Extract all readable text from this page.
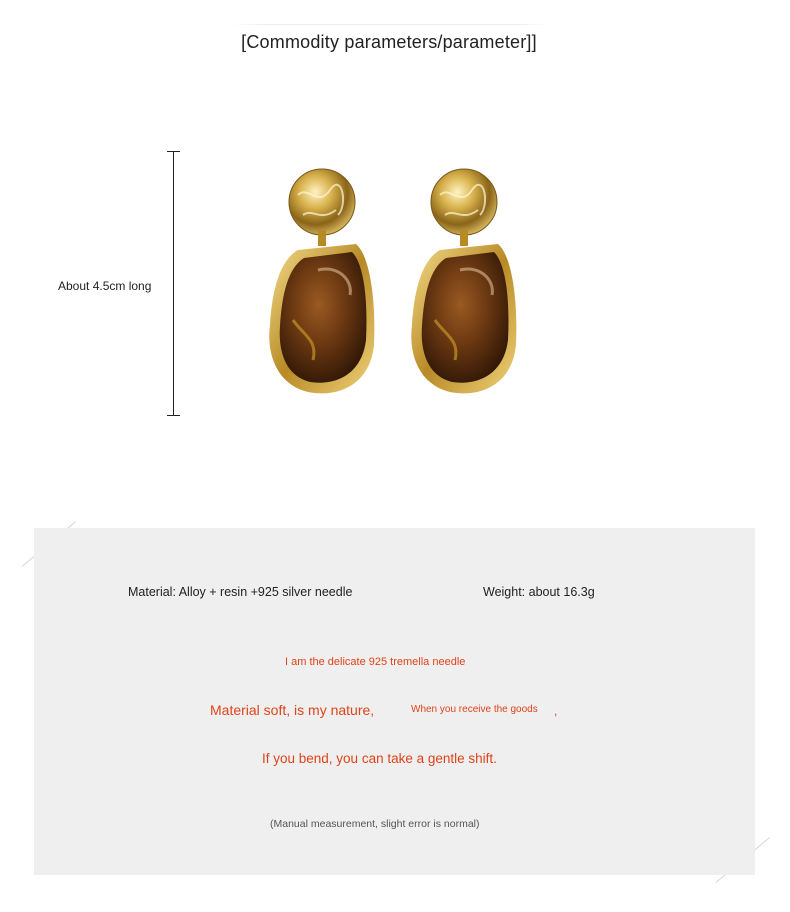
[Commodity parameters/parameter]]
About 4.5cm long
Material: Alloy + resin +925 silver needle	Weight: about 16.3g
I am the delicate 925 tremella needle
Material soft, is my nature,	When you receive the goods ,
If you bend, you can take a gentle shift.
(Manual measurement, slight error is normal)
